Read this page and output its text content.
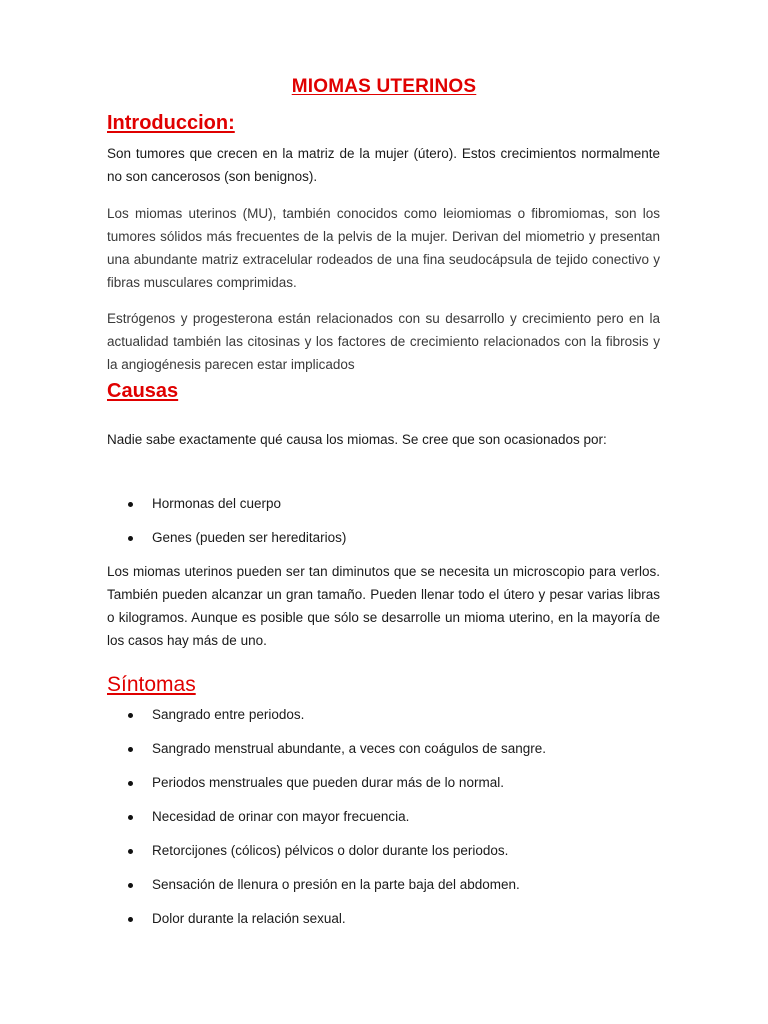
MIOMAS UTERINOS
Introduccion:

Son tumores que crecen en la matriz de la mujer (útero). Estos crecimientos normalmente no son cancerosos (son benignos).

Los miomas uterinos (MU), también conocidos como leiomiomas o fibromiomas, son los tumores sólidos más frecuentes de la pelvis de la mujer. Derivan del miometrio y presentan una abundante matriz extracelular rodeados de una fina seudocápsula de tejido conectivo y fibras musculares comprimidas.

Estrógenos y progesterona están relacionados con su desarrollo y crecimiento pero en la actualidad también las citosinas y los factores de crecimiento relacionados con la fibrosis y la angiogénesis parecen estar implicados

Causas

Nadie sabe exactamente qué causa los miomas. Se cree que son ocasionados por:

Hormonas del cuerpo
Genes (pueden ser hereditarios)

Los miomas uterinos pueden ser tan diminutos que se necesita un microscopio para verlos. También pueden alcanzar un gran tamaño. Pueden llenar todo el útero y pesar varias libras o kilogramos. Aunque es posible que sólo se desarrolle un mioma uterino, en la mayoría de los casos hay más de uno.

Síntomas
Sangrado entre periodos.
Sangrado menstrual abundante, a veces con coágulos de sangre.
Periodos menstruales que pueden durar más de lo normal.
Necesidad de orinar con mayor frecuencia.
Retorcijones (cólicos) pélvicos o dolor durante los periodos.
Sensación de llenura o presión en la parte baja del abdomen.
Dolor durante la relación sexual.
